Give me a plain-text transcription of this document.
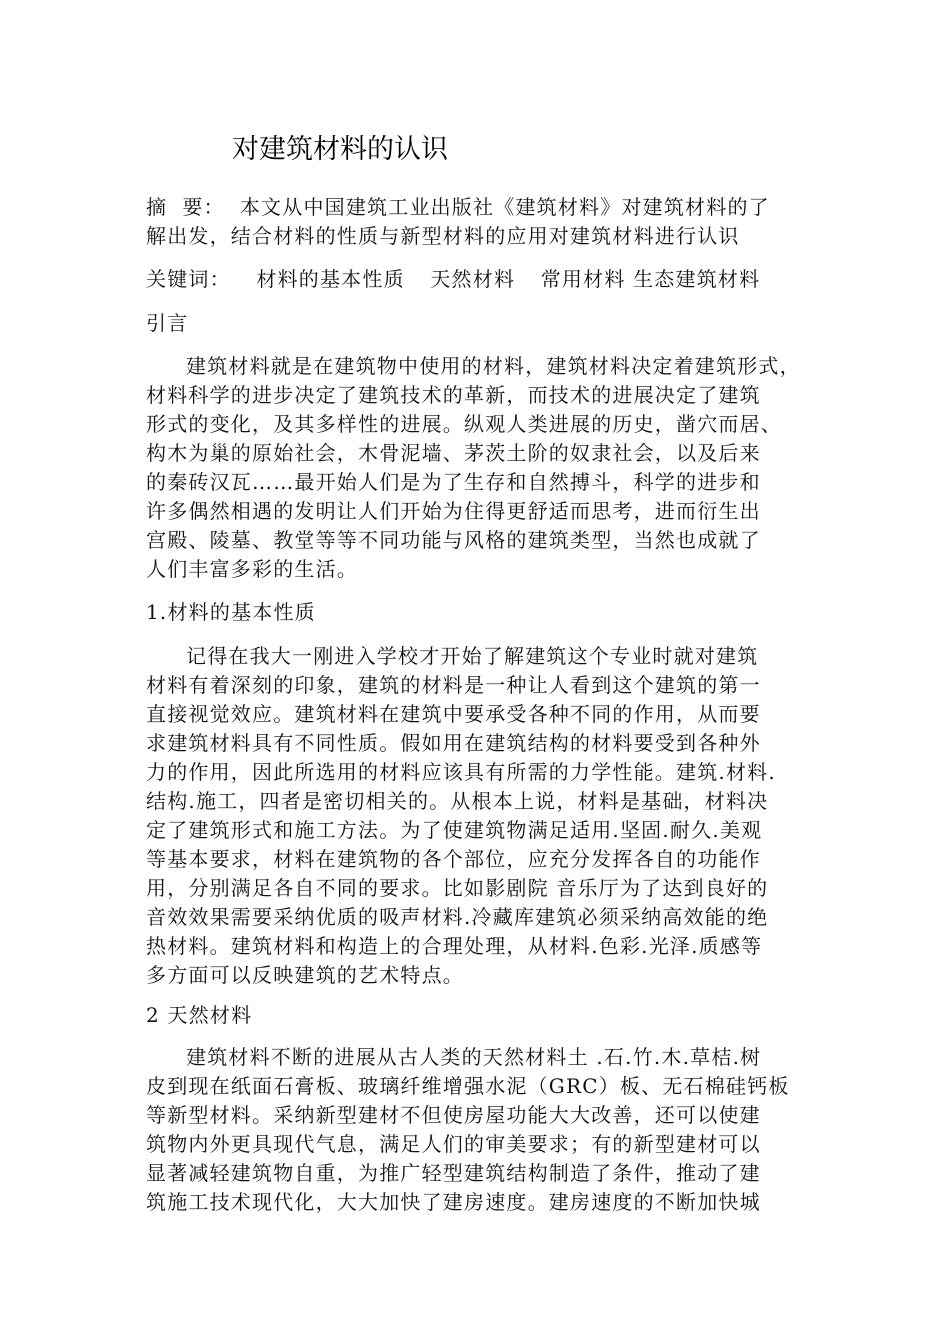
对建筑材料的认识
摘  要： 本文从中国建筑工业出版社《建筑材料》对建筑材料的了
解出发，结合材料的性质与新型材料的应用对建筑材料进行认识
关键词： 材料的基本性质 天然材料 常用材料 生态建筑材料
引言
建筑材料就是在建筑物中使用的材料，建筑材料决定着建筑形式，
材料科学的进步决定了建筑技术的革新，而技术的进展决定了建筑
形式的变化，及其多样性的进展。纵观人类进展的历史，凿穴而居、
构木为巢的原始社会，木骨泥墙、茅茨土阶的奴隶社会，以及后来
的秦砖汉瓦……最开始人们是为了生存和自然搏斗，科学的进步和
许多偶然相遇的发明让人们开始为住得更舒适而思考，进而衍生出
宫殿、陵墓、教堂等等不同功能与风格的建筑类型，当然也成就了
人们丰富多彩的生活。
1.材料的基本性质
记得在我大一刚进入学校才开始了解建筑这个专业时就对建筑
材料有着深刻的印象，建筑的材料是一种让人看到这个建筑的第一
直接视觉效应。建筑材料在建筑中要承受各种不同的作用，从而要
求建筑材料具有不同性质。假如用在建筑结构的材料要受到各种外
力的作用，因此所选用的材料应该具有所需的力学性能。建筑.材料.
结构.施工，四者是密切相关的。从根本上说，材料是基础，材料决
定了建筑形式和施工方法。为了使建筑物满足适用.坚固.耐久.美观
等基本要求，材料在建筑物的各个部位，应充分发挥各自的功能作
用，分别满足各自不同的要求。比如影剧院 音乐厅为了达到良好的
音效效果需要采纳优质的吸声材料.冷藏库建筑必须采纳高效能的绝
热材料。建筑材料和构造上的合理处理，从材料.色彩.光泽.质感等
多方面可以反映建筑的艺术特点。
2 天然材料
建筑材料不断的进展从古人类的天然材料土 .石.竹.木.草桔.树
皮到现在纸面石膏板、玻璃纤维增强水泥（GRC）板、无石棉硅钙板
等新型材料。采纳新型建材不但使房屋功能大大改善，还可以使建
筑物内外更具现代气息，满足人们的审美要求；有的新型建材可以
显著减轻建筑物自重，为推广轻型建筑结构制造了条件，推动了建
筑施工技术现代化，大大加快了建房速度。建房速度的不断加快城
